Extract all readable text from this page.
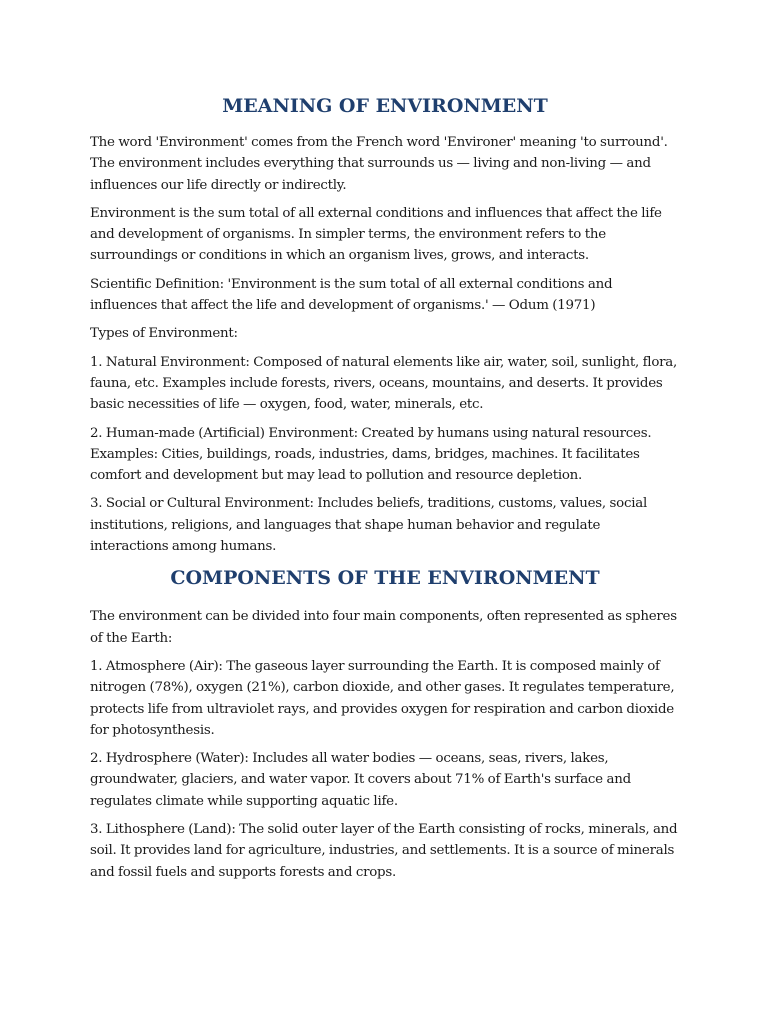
MEANING OF ENVIRONMENT

The word 'Environment' comes from the French word 'Environer' meaning 'to surround'. The environment includes everything that surrounds us — living and non-living — and influences our life directly or indirectly.

Environment is the sum total of all external conditions and influences that affect the life and development of organisms. In simpler terms, the environment refers to the surroundings or conditions in which an organism lives, grows, and interacts.

Scientific Definition: 'Environment is the sum total of all external conditions and influences that affect the life and development of organisms.' — Odum (1971)

Types of Environment:

1. Natural Environment: Composed of natural elements like air, water, soil, sunlight, flora, fauna, etc. Examples include forests, rivers, oceans, mountains, and deserts. It provides basic necessities of life — oxygen, food, water, minerals, etc.

2. Human-made (Artificial) Environment: Created by humans using natural resources. Examples: Cities, buildings, roads, industries, dams, bridges, machines. It facilitates comfort and development but may lead to pollution and resource depletion.

3. Social or Cultural Environment: Includes beliefs, traditions, customs, values, social institutions, religions, and languages that shape human behavior and regulate interactions among humans.

COMPONENTS OF THE ENVIRONMENT

The environment can be divided into four main components, often represented as spheres of the Earth:

1. Atmosphere (Air): The gaseous layer surrounding the Earth. It is composed mainly of nitrogen (78%), oxygen (21%), carbon dioxide, and other gases. It regulates temperature, protects life from ultraviolet rays, and provides oxygen for respiration and carbon dioxide for photosynthesis.

2. Hydrosphere (Water): Includes all water bodies — oceans, seas, rivers, lakes, groundwater, glaciers, and water vapor. It covers about 71% of Earth's surface and regulates climate while supporting aquatic life.

3. Lithosphere (Land): The solid outer layer of the Earth consisting of rocks, minerals, and soil. It provides land for agriculture, industries, and settlements. It is a source of minerals and fossil fuels and supports forests and crops.
